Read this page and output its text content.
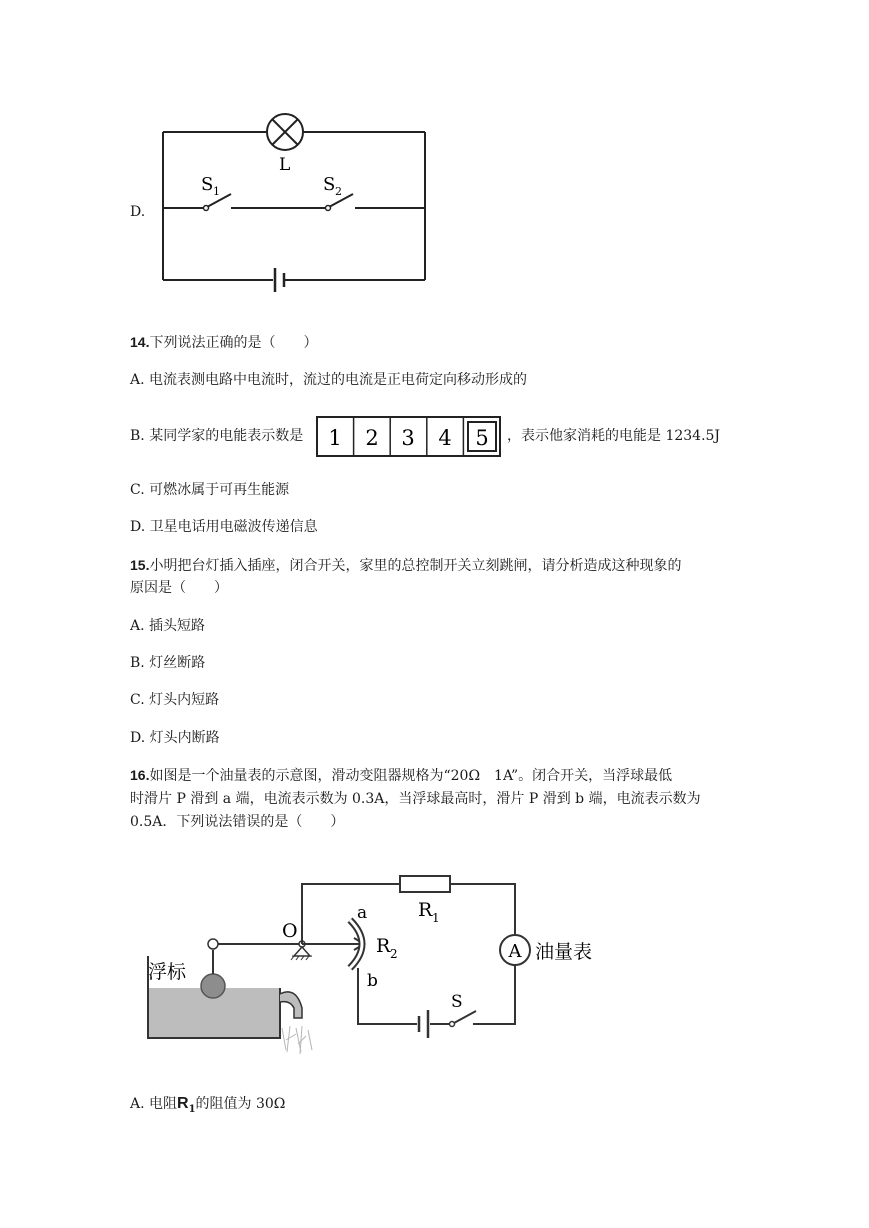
D.
L
S 1	S 2
14.下列说法正确的是（　　）
A. 电流表测电路中电流时，流过的电流是正电荷定向移动形成的
B. 某同学家的电能表示数是 1 2 3 4 5 ，表示他家消耗的电能是 1234.5J
C. 可燃冰属于可再生能源
D. 卫星电话用电磁波传递信息
15.小明把台灯插入插座，闭合开关，家里的总控制开关立刻跳闸，请分析造成这种现象的
原因是（　　）
A. 插头短路
B. 灯丝断路
C. 灯头内短路
D. 灯头内断路
16.如图是一个油量表的示意图，滑动变阻器规格为“20Ω　1A”。闭合开关，当浮球最低
时滑片 P 滑到 a 端，电流表示数为 0.3A，当浮球最高时，滑片 P 滑到 b 端，电流表示数为
0.5A．下列说法错误的是（　　）
浮标
O
a
b
R 2
R 1
A 油量表
S
A. 电阻$R_1$的阻值为 30Ω
